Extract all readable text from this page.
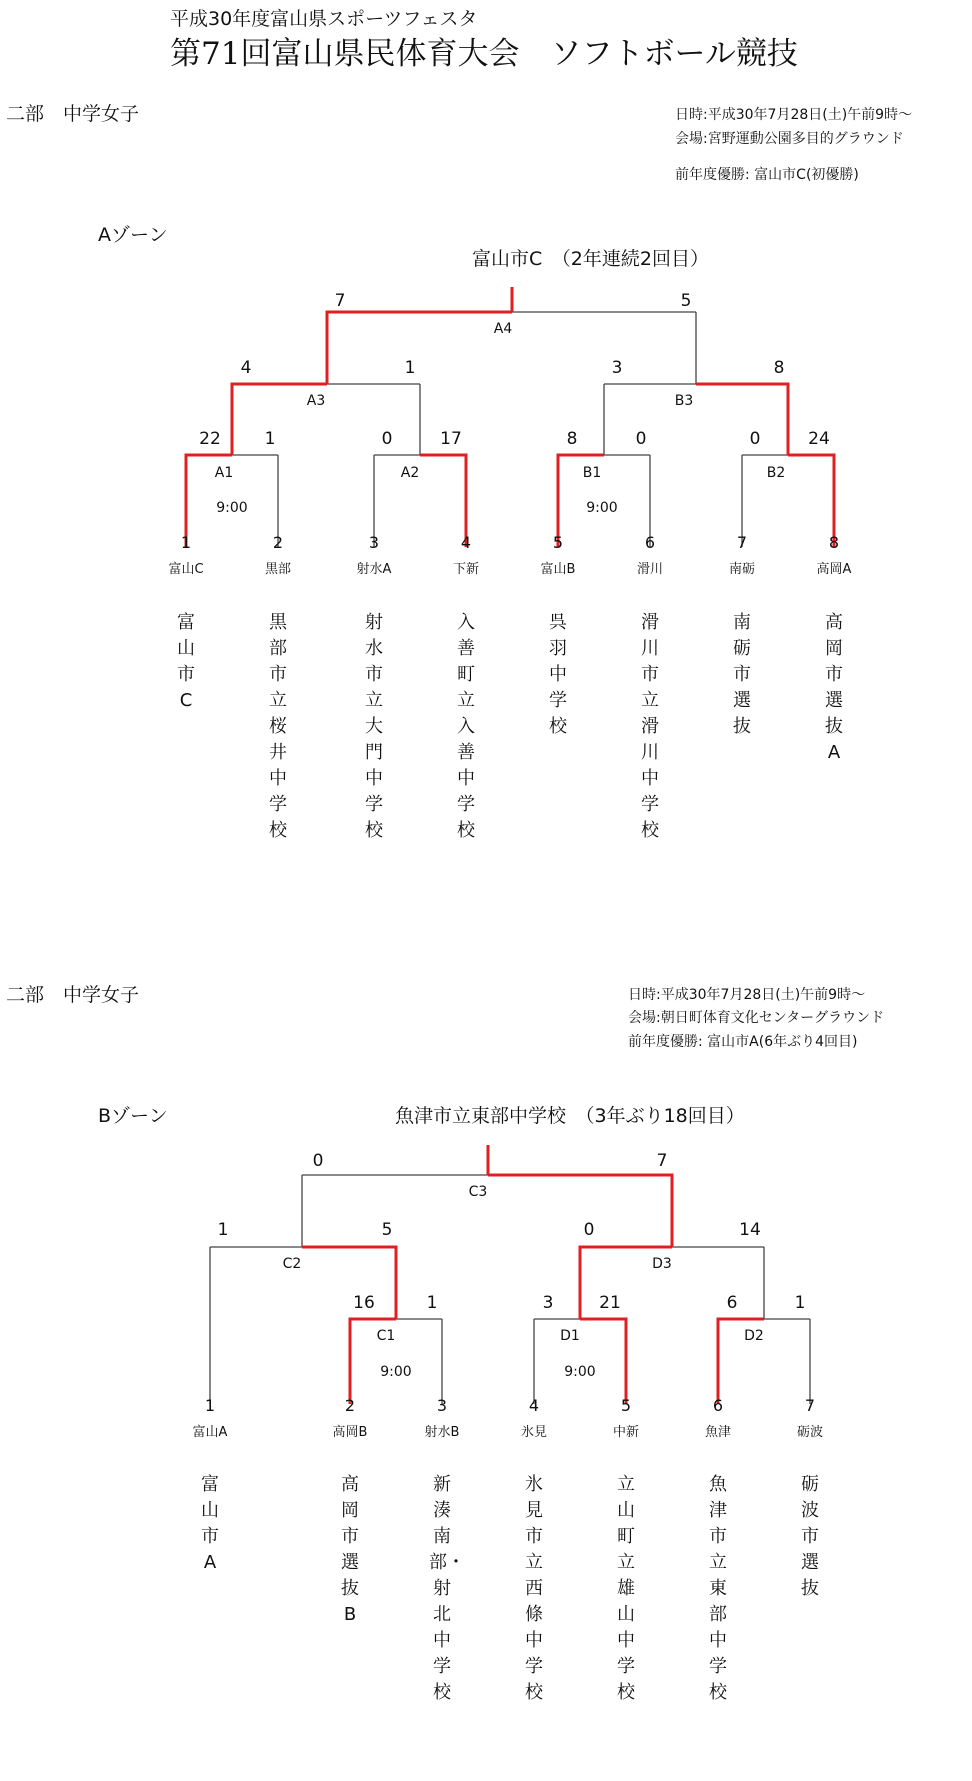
平成30年度富山県スポーツフェスタ
第71回富山県民体育大会　ソフトボール競技
二部　中学女子	日時:平成30年7月28日(土)午前9時～
会場:宮野運動公園多目的グラウンド
前年度優勝: 富山市C(初優勝)
Aゾーン
富山市C　（2年連続2回目）
22	1	0	17	8	0	0	24
4	1	3	8
7	5
A1
9:00
A2	B1
9:00
B2
A3	B3
A4
1
富山C
富山市C
2
黒部
黒部市立桜井中学校
3
射水A
射水市立大門中学校
4
下新
入善町立入善中学校
5
富山B
呉羽中学校
6
滑川
滑川市立滑川中学校
7
南砺
南砺市選抜
8
高岡A
高岡市選抜A
二部　中学女子	日時:平成30年7月28日(土)午前9時～
会場:朝日町体育文化センターグラウンド
前年度優勝: 富山市A(6年ぶり4回目)
Bゾーン	魚津市立東部中学校　（3年ぶり18回目）
16	1	3	21	6	1
1	5	0	14
0	7
C1
9:00
D1
9:00
D2
C2	D3
C3
1
富山A
富山市A
2
高岡B
高岡市選抜B
3
射水B
新湊南部・射北中学校
4
氷見
氷見市立西條中学校
5
中新
立山町立雄山中学校
6
魚津
魚津市立東部中学校
7
砺波
砺波市選抜
